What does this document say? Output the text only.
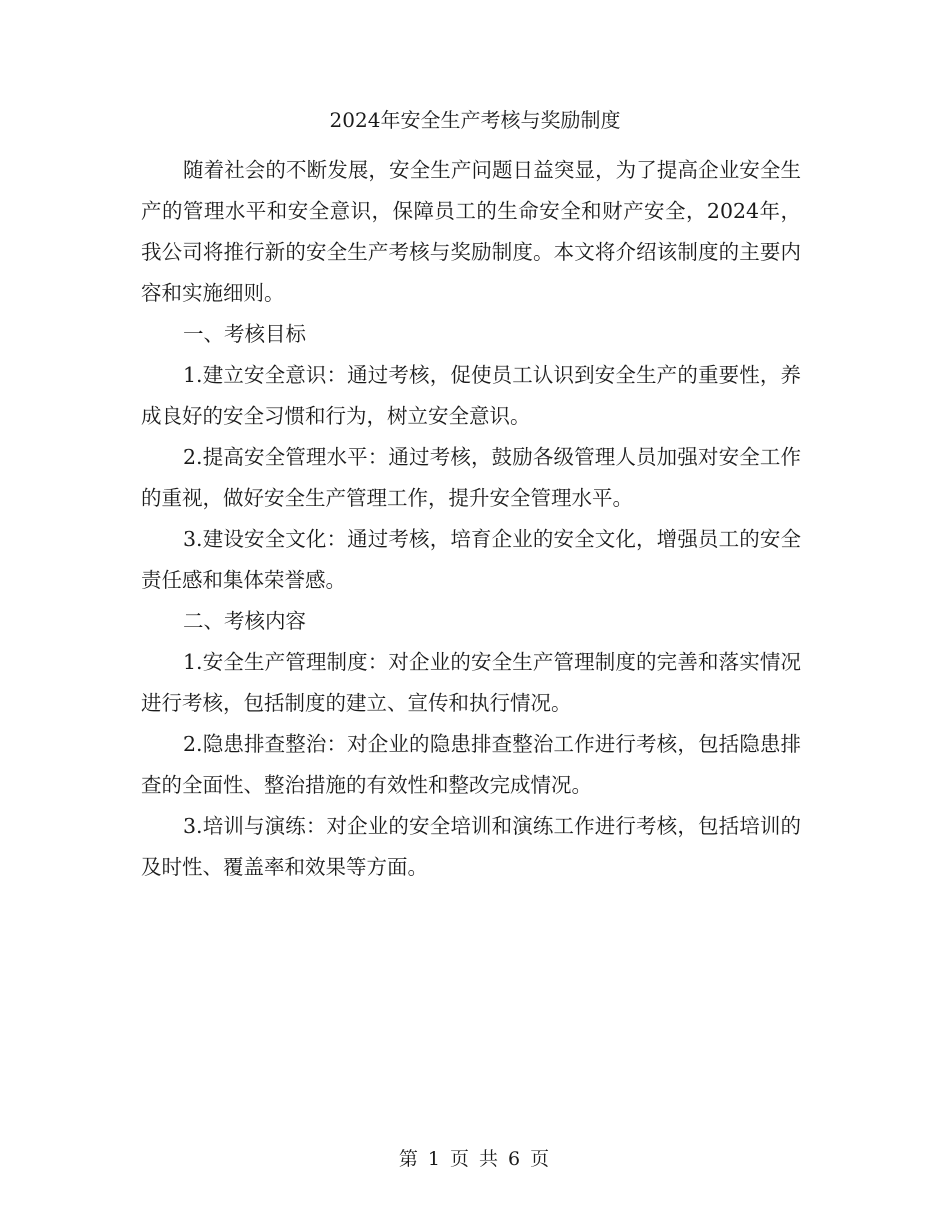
2024年安全生产考核与奖励制度

随着社会的不断发展，安全生产问题日益突显，为了提高企业安全生产的管理水平和安全意识，保障员工的生命安全和财产安全，2024年，我公司将推行新的安全生产考核与奖励制度。本文将介绍该制度的主要内容和实施细则。

一、考核目标

1.建立安全意识：通过考核，促使员工认识到安全生产的重要性，养成良好的安全习惯和行为，树立安全意识。

2.提高安全管理水平：通过考核，鼓励各级管理人员加强对安全工作的重视，做好安全生产管理工作，提升安全管理水平。

3.建设安全文化：通过考核，培育企业的安全文化，增强员工的安全责任感和集体荣誉感。

二、考核内容

1.安全生产管理制度：对企业的安全生产管理制度的完善和落实情况进行考核，包括制度的建立、宣传和执行情况。

2.隐患排查整治：对企业的隐患排查整治工作进行考核，包括隐患排查的全面性、整治措施的有效性和整改完成情况。

3.培训与演练：对企业的安全培训和演练工作进行考核，包括培训的及时性、覆盖率和效果等方面。

第 1 页 共 6 页
